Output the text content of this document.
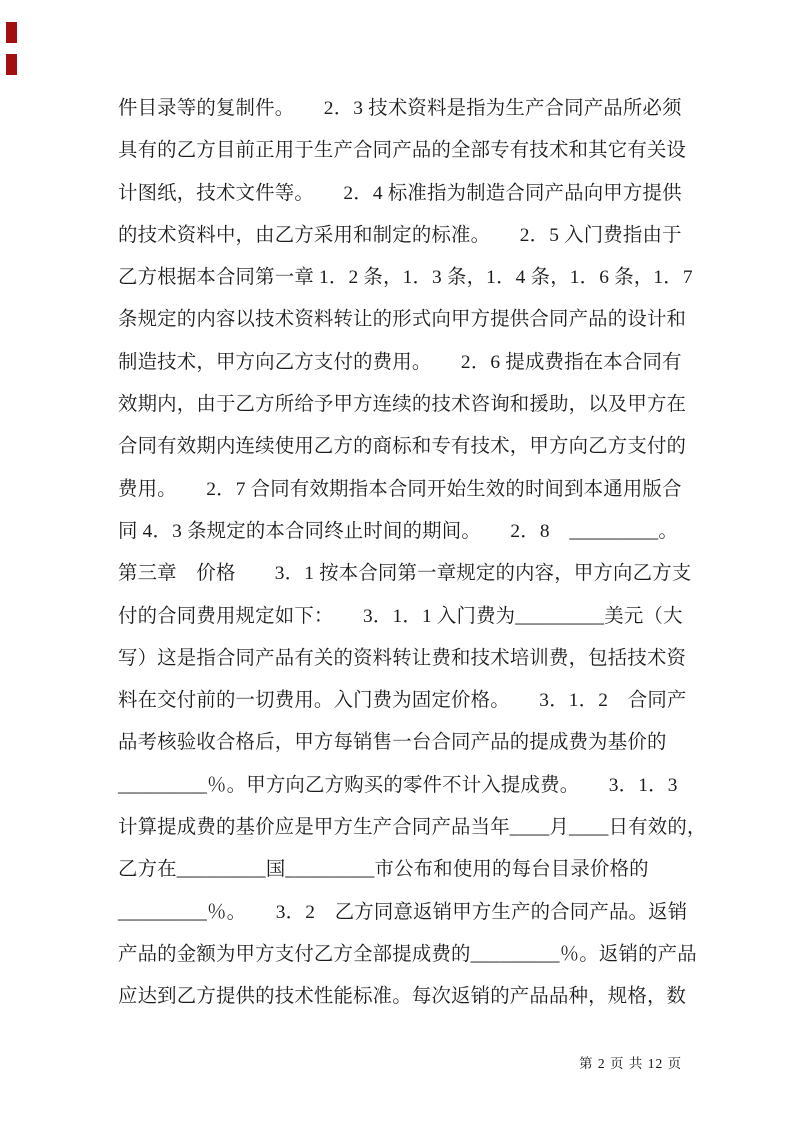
件目录等的复制件。　　2．3 技术资料是指为生产合同产品所必须
具有的乙方目前正用于生产合同产品的全部专有技术和其它有关设
计图纸，技术文件等。　　2．4 标准指为制造合同产品向甲方提供
的技术资料中，由乙方采用和制定的标准。　　2．5 入门费指由于
乙方根据本合同第一章 1．2 条，1．3 条，1．4 条，1．6 条，1．7
条规定的内容以技术资料转让的形式向甲方提供合同产品的设计和
制造技术，甲方向乙方支付的费用。　　2．6 提成费指在本合同有
效期内，由于乙方所给予甲方连续的技术咨询和援助，以及甲方在
合同有效期内连续使用乙方的商标和专有技术，甲方向乙方支付的
费用。　　2．7 合同有效期指本合同开始生效的时间到本通用版合
同 4．3 条规定的本合同终止时间的期间。　　2．8　_________。
第三章　价格　　3．1 按本合同第一章规定的内容，甲方向乙方支
付的合同费用规定如下：　　3．1．1 入门费为_________美元（大
写）这是指合同产品有关的资料转让费和技术培训费，包括技术资
料在交付前的一切费用。入门费为固定价格。　　3．1．2　合同产
品考核验收合格后，甲方每销售一台合同产品的提成费为基价的
_________％。甲方向乙方购买的零件不计入提成费。　　3．1．3
计算提成费的基价应是甲方生产合同产品当年____月____日有效的，
乙方在_________国_________市公布和使用的每台目录价格的
_________％。　　3．2　乙方同意返销甲方生产的合同产品。返销
产品的金额为甲方支付乙方全部提成费的_________％。返销的产品
应达到乙方提供的技术性能标准。每次返销的产品品种，规格，数
第 2 页 共 12 页
